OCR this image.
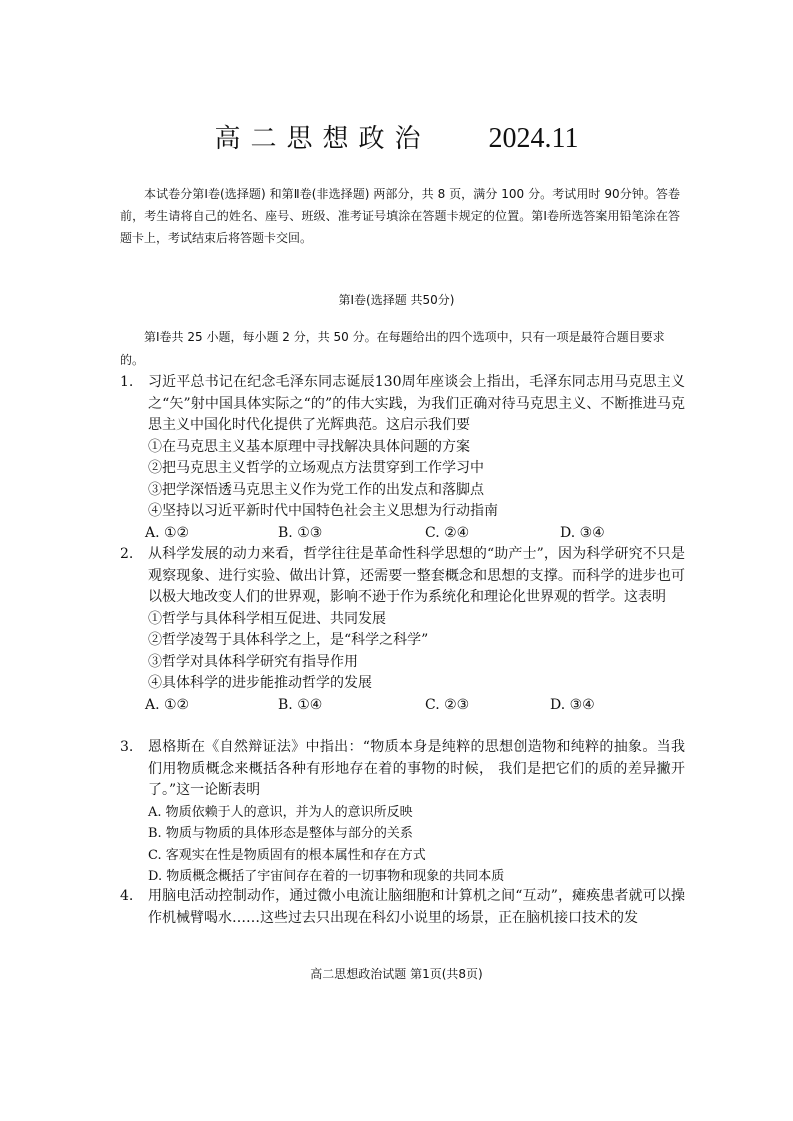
高二思想政治 2024.11
本试卷分第Ⅰ卷(选择题) 和第Ⅱ卷(非选择题) 两部分，共 8 页，满分 100 分。考试用时 90分钟。答卷前，考生请将自己的姓名、座号、班级、准考证号填涂在答题卡规定的位置。第Ⅰ卷所选答案用铅笔涂在答题卡上，考试结束后将答题卡交回。
第Ⅰ卷(选择题 共50分)
第Ⅰ卷共 25 小题，每小题 2 分，共 50 分。在每题给出的四个选项中，只有一项是最符合题目要求的。
1. 习近平总书记在纪念毛泽东同志诞辰130周年座谈会上指出，毛泽东同志用马克思主义之“矢”射中国具体实际之“的”的伟大实践，为我们正确对待马克思主义、不断推进马克思主义中国化时代化提供了光辉典范。这启示我们要
①在马克思主义基本原理中寻找解决具体问题的方案
②把马克思主义哲学的立场观点方法贯穿到工作学习中
③把学深悟透马克思主义作为党工作的出发点和落脚点
④坚持以习近平新时代中国特色社会主义思想为行动指南
A. ①②	B. ①③	C. ②④	D. ③④
2. 从科学发展的动力来看，哲学往往是革命性科学思想的“助产士”，因为科学研究不只是观察现象、进行实验、做出计算，还需要一整套概念和思想的支撑。而科学的进步也可以极大地改变人们的世界观，影响不逊于作为系统化和理论化世界观的哲学。这表明
①哲学与具体科学相互促进、共同发展
②哲学凌驾于具体科学之上，是“科学之科学”
③哲学对具体科学研究有指导作用
④具体科学的进步能推动哲学的发展
A. ①②	B. ①④	C. ②③	D. ③④
3. 恩格斯在《自然辩证法》中指出：“物质本身是纯粹的思想创造物和纯粹的抽象。当我们用物质概念来概括各种有形地存在着的事物的时候， 我们是把它们的质的差异撇开了。”这一论断表明
A. 物质依赖于人的意识，并为人的意识所反映
B. 物质与物质的具体形态是整体与部分的关系
C. 客观实在性是物质固有的根本属性和存在方式
D. 物质概念概括了宇宙间存在着的一切事物和现象的共同本质
4. 用脑电活动控制动作，通过微小电流让脑细胞和计算机之间“互动”，瘫痪患者就可以操作机械臂喝水……这些过去只出现在科幻小说里的场景，正在脑机接口技术的发
高二思想政治试题 第1页(共8页)
